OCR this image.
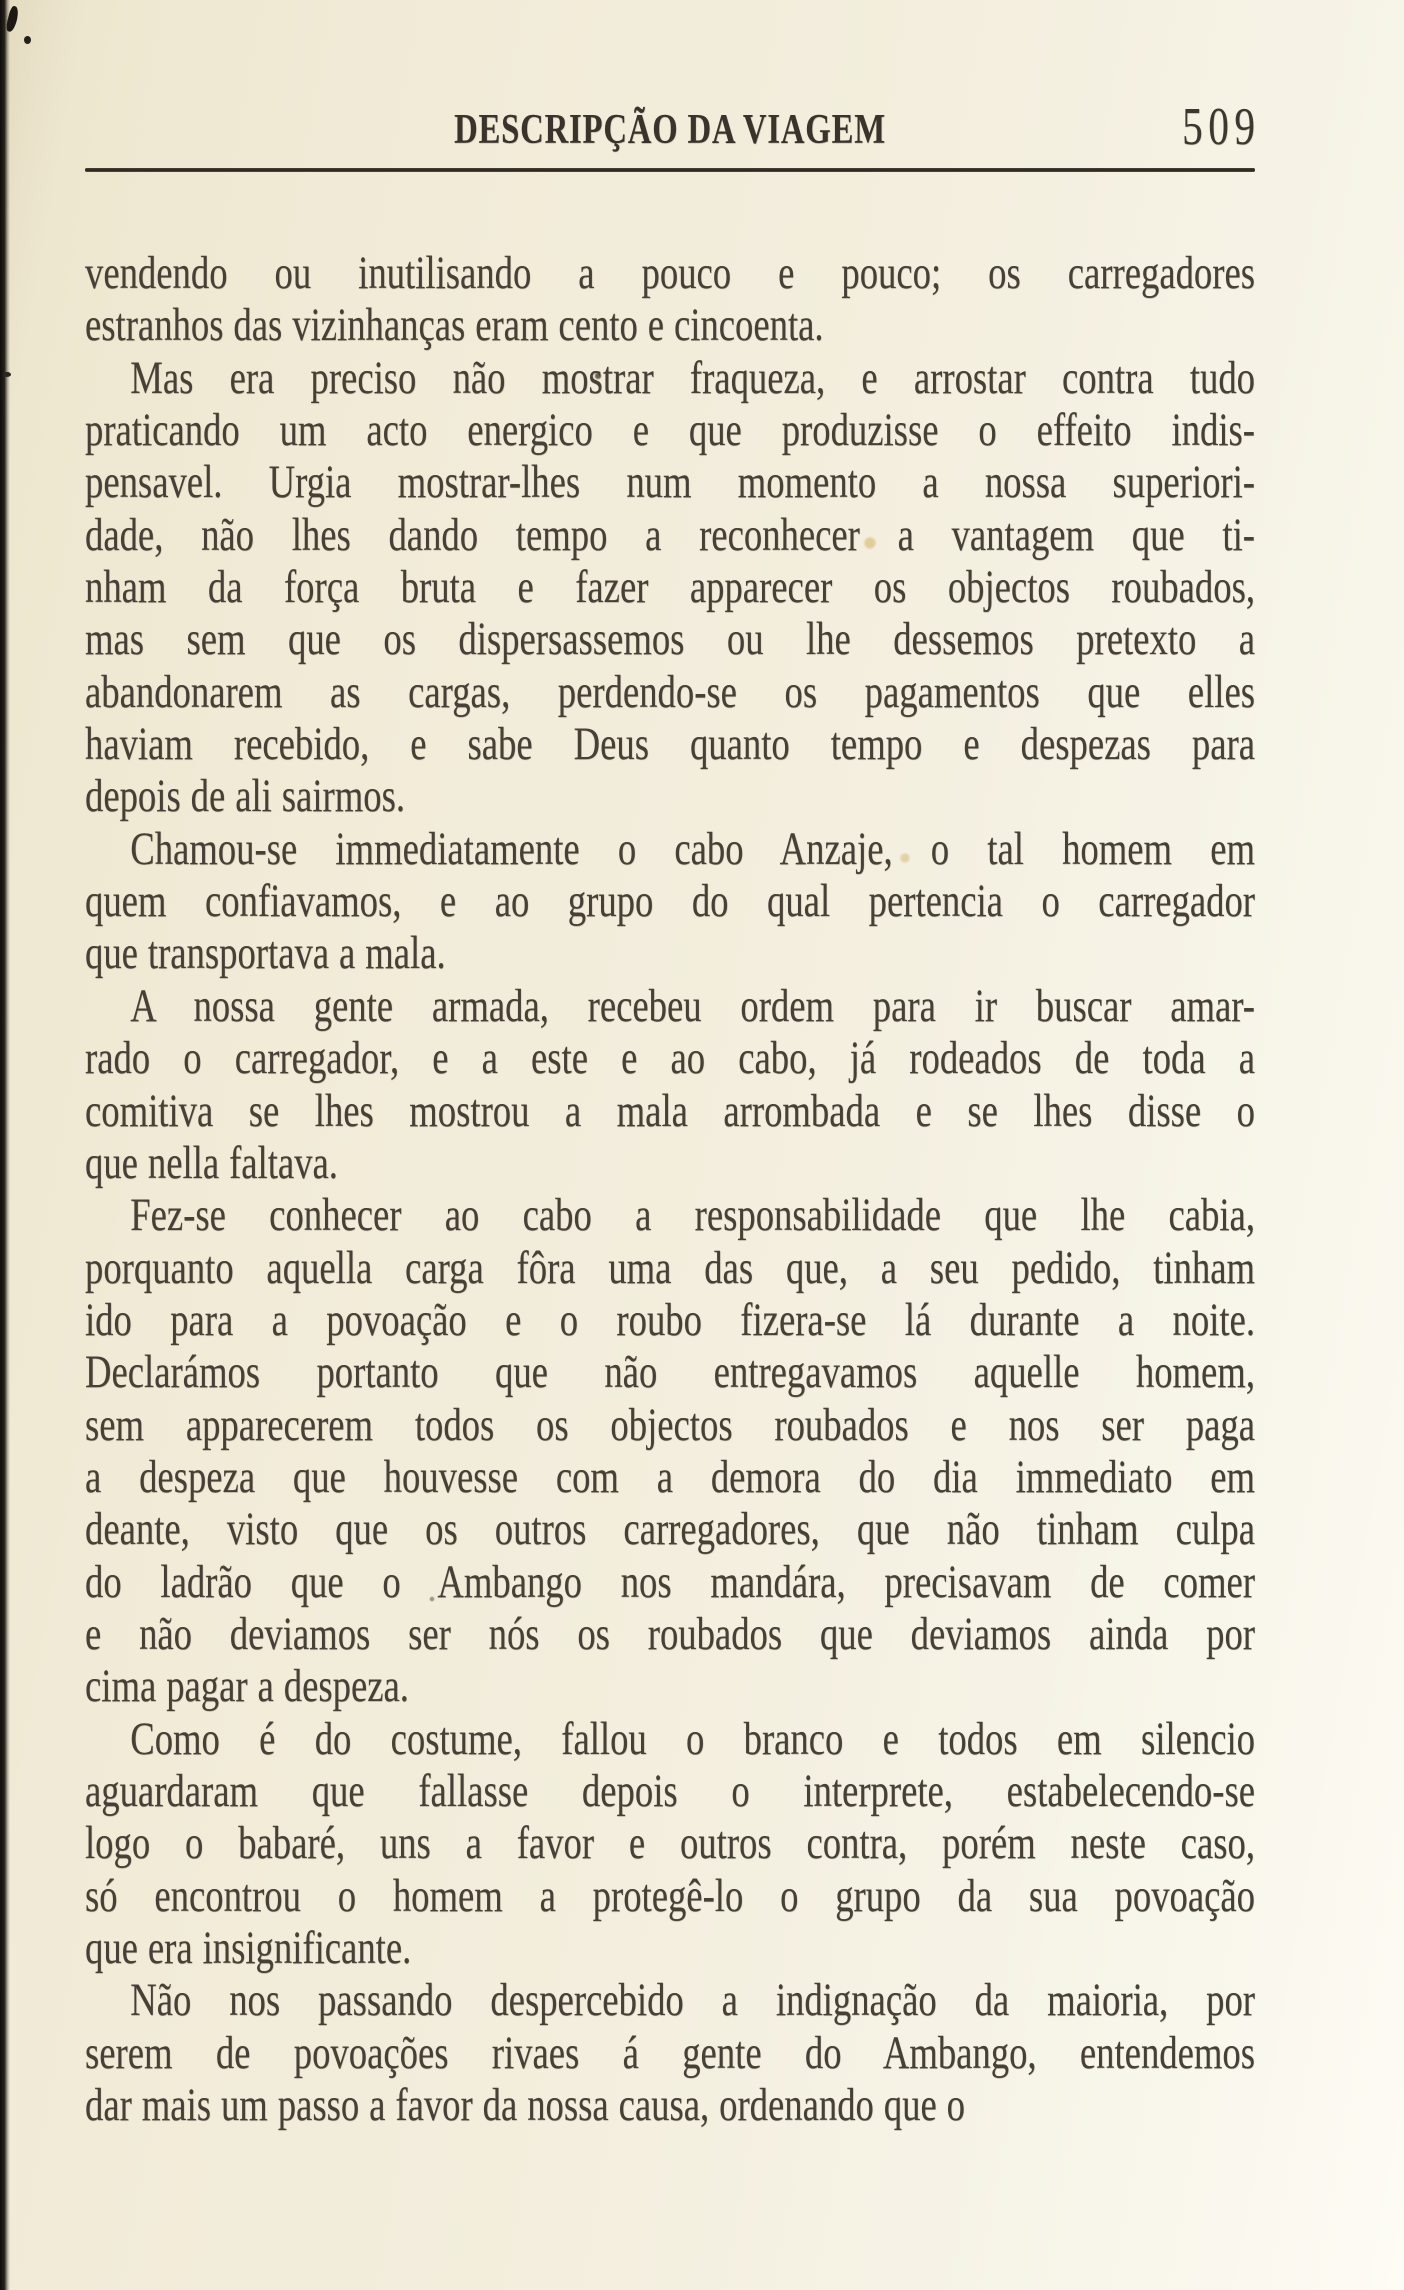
DESCRIPÇÃO DA VIAGEM	509
vendendo ou inutilisando a pouco e pouco; os carregadores
estranhos das vizinhanças eram cento e cincoenta.
Mas era preciso não mostrar fraqueza, e arrostar contra tudo
praticando um acto energico e que produzisse o effeito indis-
pensavel. Urgia mostrar-lhes num momento a nossa superiori-
dade, não lhes dando tempo a reconhecer a vantagem que ti-
nham da força bruta e fazer apparecer os objectos roubados,
mas sem que os dispersassemos ou lhe dessemos pretexto a
abandonarem as cargas, perdendo-se os pagamentos que elles
haviam recebido, e sabe Deus quanto tempo e despezas para
depois de ali sairmos.
Chamou-se immediatamente o cabo Anzaje, o tal homem em
quem confiavamos, e ao grupo do qual pertencia o carregador
que transportava a mala.
A nossa gente armada, recebeu ordem para ir buscar amar-
rado o carregador, e a este e ao cabo, já rodeados de toda a
comitiva se lhes mostrou a mala arrombada e se lhes disse o
que nella faltava.
Fez-se conhecer ao cabo a responsabilidade que lhe cabia,
porquanto aquella carga fôra uma das que, a seu pedido, tinham
ido para a povoação e o roubo fizera-se lá durante a noite.
Declarámos portanto que não entregavamos aquelle homem,
sem apparecerem todos os objectos roubados e nos ser paga
a despeza que houvesse com a demora do dia immediato em
deante, visto que os outros carregadores, que não tinham culpa
do ladrão que o Ambango nos mandára, precisavam de comer
e não deviamos ser nós os roubados que deviamos ainda por
cima pagar a despeza.
Como é do costume, fallou o branco e todos em silencio
aguardaram que fallasse depois o interprete, estabelecendo-se
logo o babaré, uns a favor e outros contra, porém neste caso,
só encontrou o homem a protegê-lo o grupo da sua povoação
que era insignificante.
Não nos passando despercebido a indignação da maioria, por
serem de povoações rivaes á gente do Ambango, entendemos
dar mais um passo a favor da nossa causa, ordenando que o
